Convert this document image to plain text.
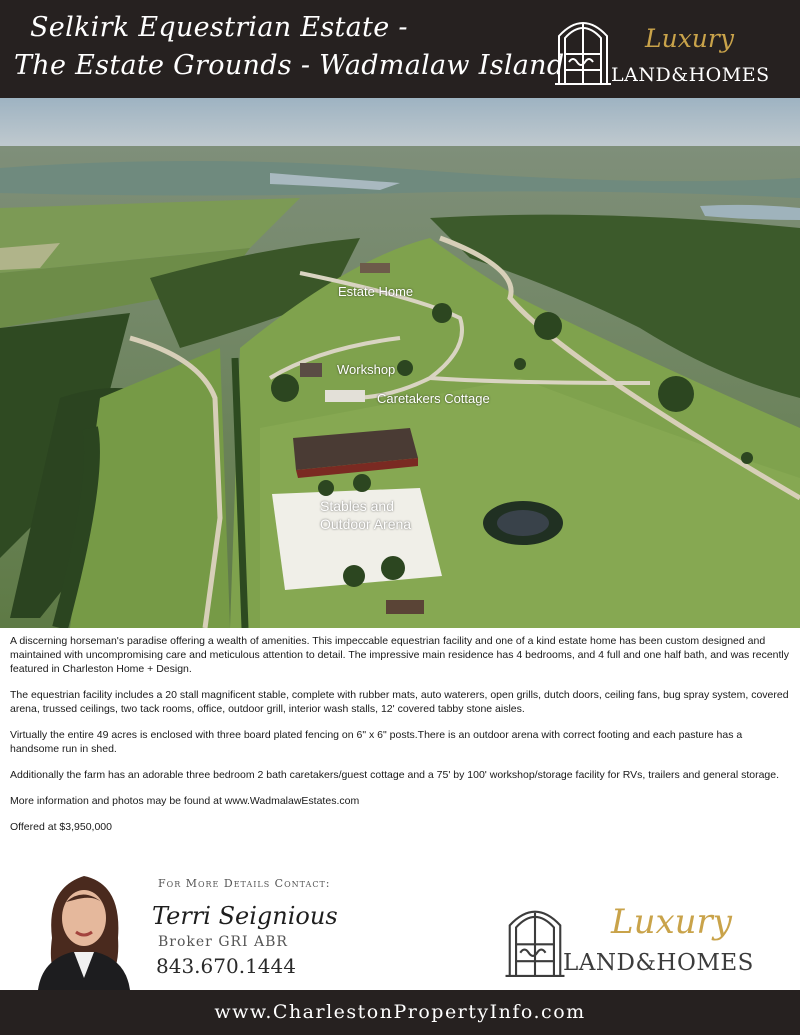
Selkirk Equestrian Estate -
The Estate Grounds - Wadmalaw Island
Luxury
LAND&HOMES
Estate Home
Workshop
Caretakers Cottage
Stables and Outdoor Arena

A discerning horseman's paradise offering a wealth of amenities. This impeccable equestrian facility and one of a kind estate home has been custom designed and maintained with uncompromising care and meticulous attention to detail. The impressive main residence has 4 bedrooms, and 4 full and one half bath, and was recently featured in Charleston Home + Design.

The equestrian facility includes a 20 stall magnificent stable, complete with rubber mats, auto waterers, open grills, dutch doors, ceiling fans, bug spray system, covered arena, trussed ceilings, two tack rooms, office, outdoor grill, interior wash stalls, 12' covered tabby stone aisles.

Virtually the entire 49 acres is enclosed with three board plated fencing on 6" x 6" posts.There is an outdoor arena with correct footing and each pasture has a handsome run in shed.

Additionally the farm has an adorable three bedroom 2 bath caretakers/guest cottage and a 75' by 100' workshop/storage facility for RVs, trailers and general storage.

More information and photos may be found at www.WadmalawEstates.com

Offered at $3,950,000

For More Details Contact:
Terri Seignious
Broker GRI ABR
843.670.1444
Luxury
LAND&HOMES
www.CharlestonPropertyInfo.com
